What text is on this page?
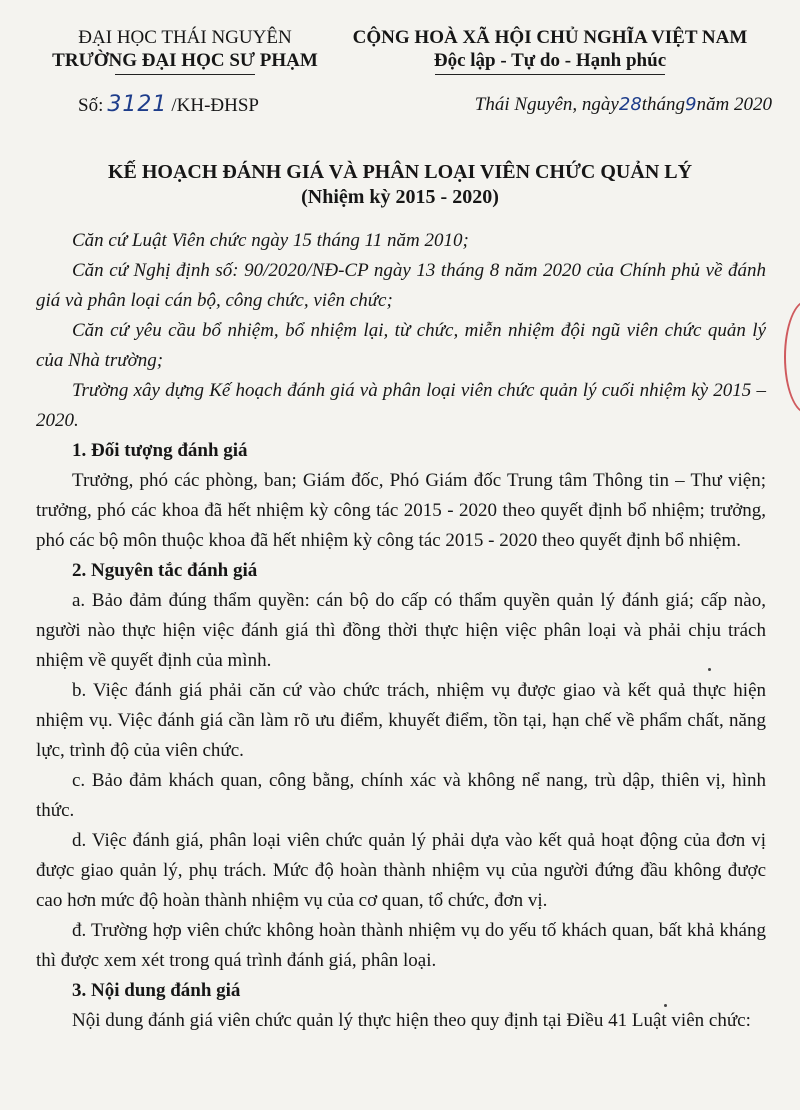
ĐẠI HỌC THÁI NGUYÊN
TRƯỜNG ĐẠI HỌC SƯ PHẠM
CỘNG HOÀ XÃ HỘI CHỦ NGHĨA VIỆT NAM
Độc lập - Tự do - Hạnh phúc
Số: 3121 /KH-ĐHSP	Thái Nguyên, ngày28tháng9năm 2020
KẾ HOẠCH ĐÁNH GIÁ VÀ PHÂN LOẠI VIÊN CHỨC QUẢN LÝ
(Nhiệm kỳ 2015 - 2020)

Căn cứ Luật Viên chức ngày 15 tháng 11 năm 2010;

Căn cứ Nghị định số: 90/2020/NĐ-CP ngày 13 tháng 8 năm 2020 của Chính phủ về đánh giá và phân loại cán bộ, công chức, viên chức;

Căn cứ yêu cầu bổ nhiệm, bổ nhiệm lại, từ chức, miễn nhiệm đội ngũ viên chức quản lý của Nhà trường;

Trường xây dựng Kế hoạch đánh giá và phân loại viên chức quản lý cuối nhiệm kỳ 2015 – 2020.

1. Đối tượng đánh giá

Trưởng, phó các phòng, ban; Giám đốc, Phó Giám đốc Trung tâm Thông tin – Thư viện; trưởng, phó các khoa đã hết nhiệm kỳ công tác 2015 - 2020 theo quyết định bổ nhiệm; trưởng, phó các bộ môn thuộc khoa đã hết nhiệm kỳ công tác 2015 - 2020 theo quyết định bổ nhiệm.

2. Nguyên tắc đánh giá

a. Bảo đảm đúng thẩm quyền: cán bộ do cấp có thẩm quyền quản lý đánh giá; cấp nào, người nào thực hiện việc đánh giá thì đồng thời thực hiện việc phân loại và phải chịu trách nhiệm về quyết định của mình.

b. Việc đánh giá phải căn cứ vào chức trách, nhiệm vụ được giao và kết quả thực hiện nhiệm vụ. Việc đánh giá cần làm rõ ưu điểm, khuyết điểm, tồn tại, hạn chế về phẩm chất, năng lực, trình độ của viên chức.

c. Bảo đảm khách quan, công bằng, chính xác và không nể nang, trù dập, thiên vị, hình thức.

d. Việc đánh giá, phân loại viên chức quản lý phải dựa vào kết quả hoạt động của đơn vị được giao quản lý, phụ trách. Mức độ hoàn thành nhiệm vụ của người đứng đầu không được cao hơn mức độ hoàn thành nhiệm vụ của cơ quan, tổ chức, đơn vị.

đ. Trường hợp viên chức không hoàn thành nhiệm vụ do yếu tố khách quan, bất khả kháng thì được xem xét trong quá trình đánh giá, phân loại.

3. Nội dung đánh giá

Nội dung đánh giá viên chức quản lý thực hiện theo quy định tại Điều 41 Luật viên chức:
